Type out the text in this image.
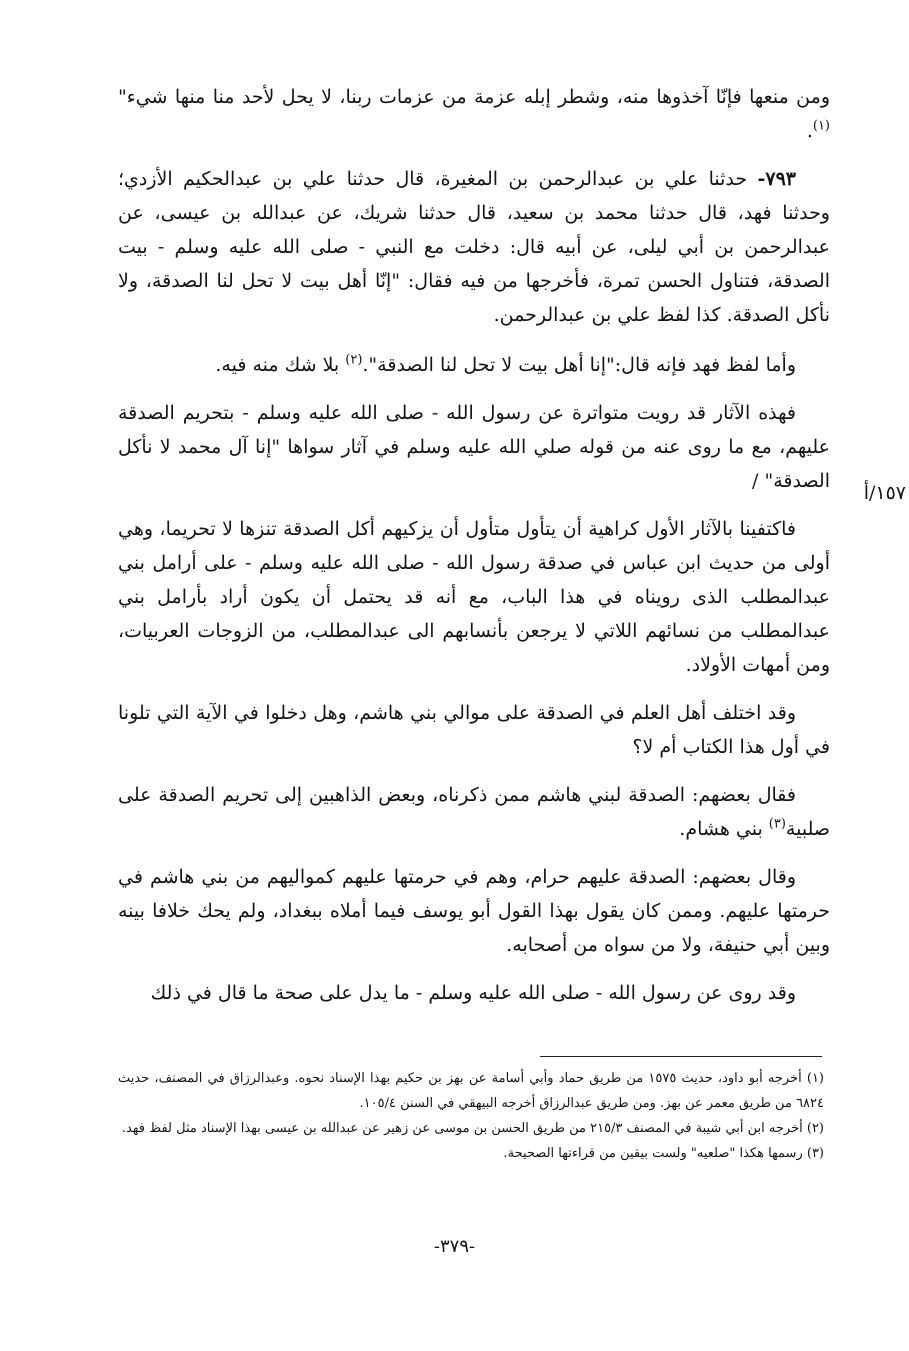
ومن منعها فإنّا آخذوها منه، وشطر إبله عزمة من عزمات ربنا، لا يحل لأحد منا منها شيء"$^{(١)}$.

٧٩٣- حدثنا علي بن عبدالرحمن بن المغيرة، قال حدثنا علي بن عبدالحكيم الأزدي؛ وحدثنا فهد، قال حدثنا محمد بن سعيد، قال حدثنا شريك، عن عبدالله بن عيسى، عن عبدالرحمن بن أبي ليلى، عن أبيه قال: دخلت مع النبي - صلى الله عليه وسلم - بيت الصدقة، فتناول الحسن تمرة، فأخرجها من فيه فقال: "إنّا أهل بيت لا تحل لنا الصدقة، ولا نأكل الصدقة. كذا لفظ علي بن عبدالرحمن.

وأما لفظ فهد فإنه قال:"إنا أهل بيت لا تحل لنا الصدقة".$^{(٢)}$ بلا شك منه فيه.

فهذه الآثار قد رويت متواترة عن رسول الله - صلى الله عليه وسلم - بتحريم الصدقة عليهم، مع ما روى عنه من قوله صلي الله عليه وسلم في آثار سواها "إنا آل محمد لا نأكل الصدقة" /

فاكتفينا بالآثار الأول كراهية أن يتأول متأول أن يزكيهم أكل الصدقة تنزها لا تحريما، وهي أولى من حديث ابن عباس في صدقة رسول الله - صلى الله عليه وسلم - على أرامل بني عبدالمطلب الذى رويناه في هذا الباب، مع أنه قد يحتمل أن يكون أراد بأرامل بني عبدالمطلب من نسائهم اللاتي لا يرجعن بأنسابهم الى عبدالمطلب، من الزوجات العربيات، ومن أمهات الأولاد.

وقد اختلف أهل العلم في الصدقة على موالي بني هاشم، وهل دخلوا في الآية التي تلونا في أول هذا الكتاب أم لا؟

فقال بعضهم: الصدقة لبني هاشم ممن ذكرناه، وبعض الذاهبين إلى تحريم الصدقة على صلبية$^{(٣)}$ بني هشام.

وقال بعضهم: الصدقة عليهم حرام، وهم في حرمتها عليهم كمواليهم من بني هاشم في حرمتها عليهم. وممن كان يقول بهذا القول أبو يوسف فيما أملاه ببغداد، ولم يحك خلافا بينه وبين أبي حنيفة، ولا من سواه من أصحابه.

وقد روى عن رسول الله - صلى الله عليه وسلم - ما يدل على صحة ما قال في ذلك

١٥٧/أ

(١) أخرجه أبو داود، حديث ١٥٧٥ من طريق حماد وأبي أسامة عن بهز بن حكيم بهذا الإسناد نحوه. وعبدالرزاق في المصنف، حديث ٦٨٢٤ من طريق معمر عن بهز. ومن طريق عبدالرزاق أخرجه البيهقي في السنن ١٠٥/٤.

(٢) أخرجه ابن أبي شيبة في المصنف ٢١٥/٣ من طريق الحسن بن موسى عن زهير عن عبدالله بن عيسى بهذا الإسناد مثل لفظ فهد.

(٣) رسمها هكذا "صلعيه" ولست بيقين من قراءتها الصحيحة.

-٣٧٩-
